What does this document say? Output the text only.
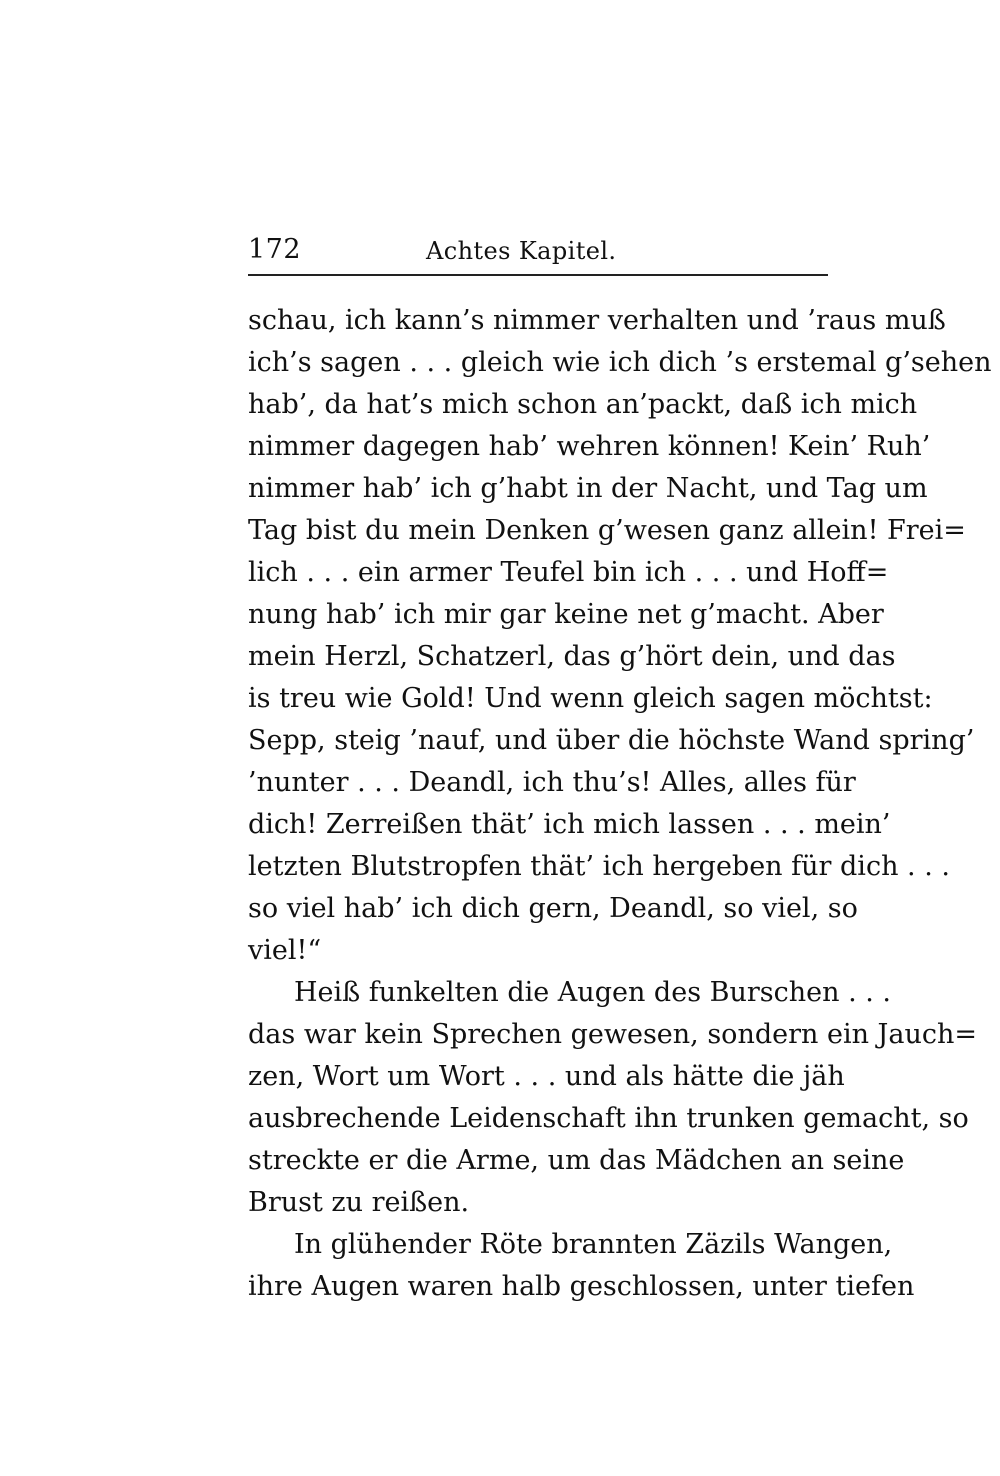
172	Achtes Kapitel.
schau, ich kann’s nimmer verhalten und ’raus muß
ich’s sagen . . . gleich wie ich dich ’s erstemal g’sehen
hab’, da hat’s mich schon an’packt, daß ich mich
nimmer dagegen hab’ wehren können! Kein’ Ruh’
nimmer hab’ ich g’habt in der Nacht, und Tag um
Tag bist du mein Denken g’wesen ganz allein! Frei=
lich . . . ein armer Teufel bin ich . . . und Hoff=
nung hab’ ich mir gar keine net g’macht. Aber
mein Herzl, Schatzerl, das g’hört dein, und das
is treu wie Gold! Und wenn gleich sagen möchtst:
Sepp, steig ’nauf, und über die höchste Wand spring’
’nunter . . . Deandl, ich thu’s! Alles, alles für
dich! Zerreißen thät’ ich mich lassen . . . mein’
letzten Blutstropfen thät’ ich hergeben für dich . . .
so viel hab’ ich dich gern, Deandl, so viel, so
viel!“
Heiß funkelten die Augen des Burschen . . .
das war kein Sprechen gewesen, sondern ein Jauch=
zen, Wort um Wort . . . und als hätte die jäh
ausbrechende Leidenschaft ihn trunken gemacht, so
streckte er die Arme, um das Mädchen an seine
Brust zu reißen.
In glühender Röte brannten Zäzils Wangen,
ihre Augen waren halb geschlossen, unter tiefen
